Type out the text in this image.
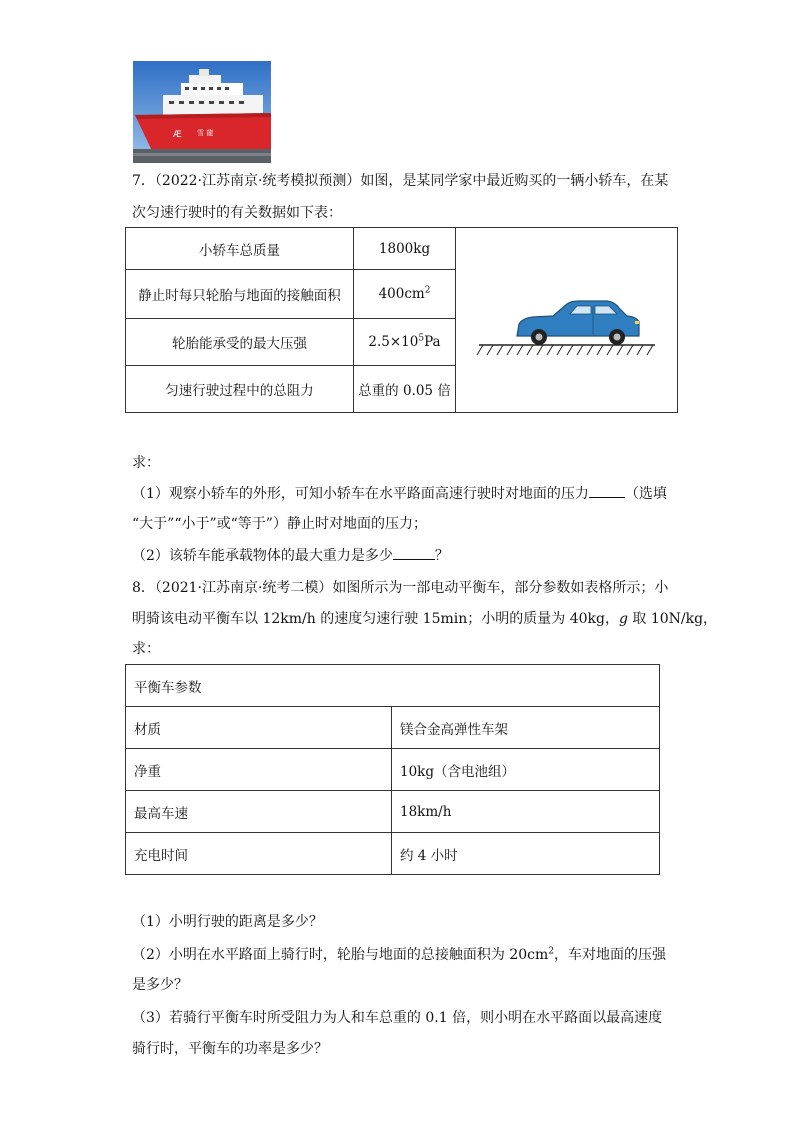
Æ 雪 龍
7．（2022·江苏南京·统考模拟预测）如图，是某同学家中最近购买的一辆小轿车，在某
次匀速行驶时的有关数据如下表：
小轿车总质量	1800kg	
静止时每只轮胎与地面的接触面积	$400cm^2$
轮胎能承受的最大压强	$2.5\times 10^5Pa$	
匀速行驶过程中的总阻力	总重的 0.05 倍	
求：
（1）观察小轿车的外形，可知小轿车在水平路面高速行驶时对地面的压力	（选填
“大于”“小于”或“等于”）静止时对地面的压力；
（2）该轿车能承载物体的最大重力是多少	？
8．（2021·江苏南京·统考二模）如图所示为一部电动平衡车，部分参数如表格所示；小
明骑该电动平衡车以 12km/h 的速度匀速行驶 15min；小明的质量为 40kg，g 取 10N/kg，
求：
平衡车参数	
材质	镁合金高弹性车架
净重	10kg（含电池组）
最高车速	18km/h
充电时间	约 4 小时
（1）小明行驶的距离是多少？
（2）小明在水平路面上骑行时，轮胎与地面的总接触面积为 $20cm^2$，车对地面的压强
是多少？
（3）若骑行平衡车时所受阻力为人和车总重的 0.1 倍，则小明在水平路面以最高速度
骑行时，平衡车的功率是多少？
